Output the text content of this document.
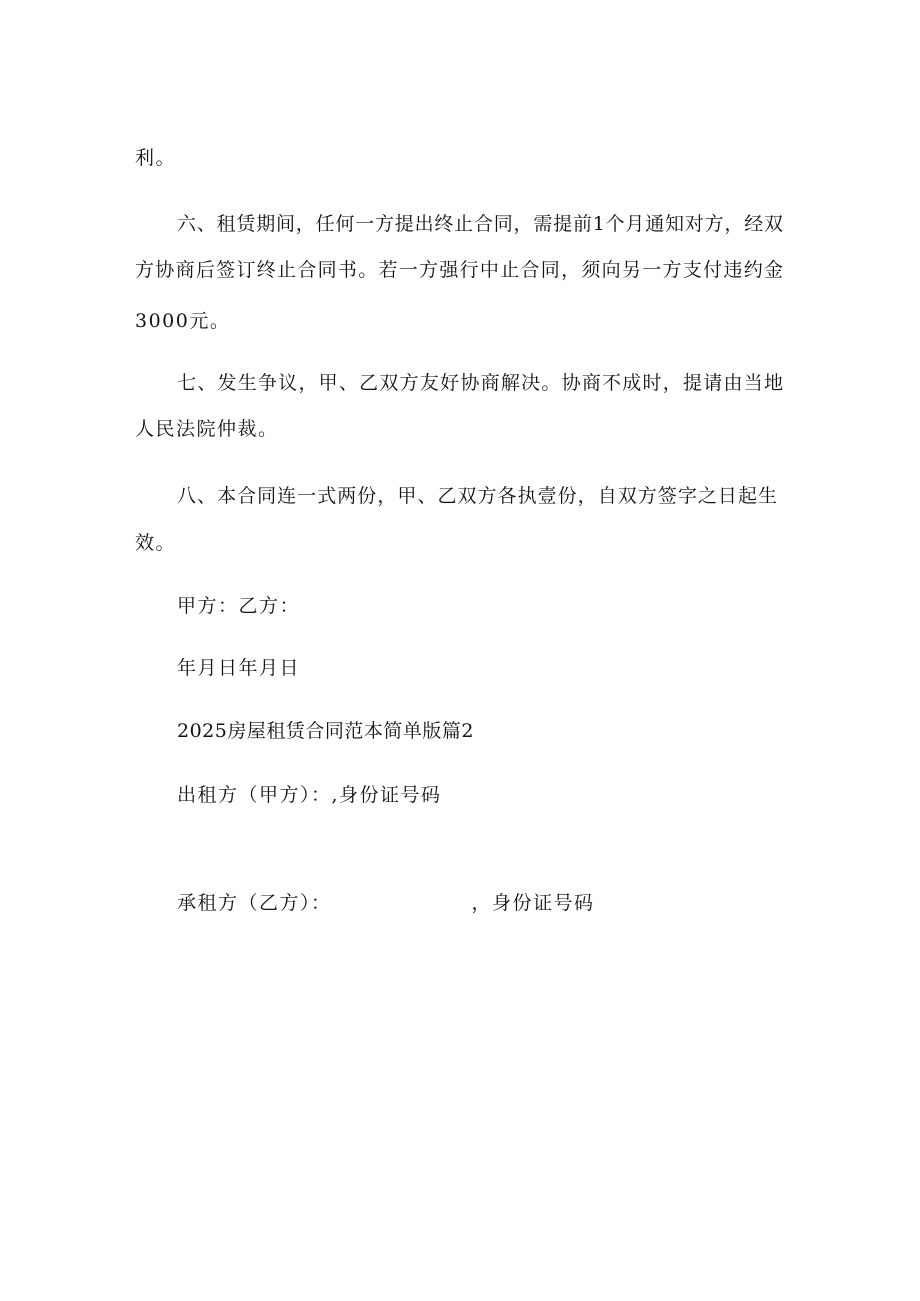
利。
六、租赁期间，任何一方提出终止合同，需提前1个月通知对方，经双
方协商后签订终止合同书。若一方强行中止合同，须向另一方支付违约金
3000元。
七、发生争议，甲、乙双方友好协商解决。协商不成时，提请由当地
人民法院仲裁。
八、本合同连一式两份，甲、乙双方各执壹份，自双方签字之日起生
效。
甲方：乙方：
年月日年月日
2025房屋租赁合同范本简单版篇2
出租方（甲方）：,身份证号码
承租方（乙方）：	，身份证号码
